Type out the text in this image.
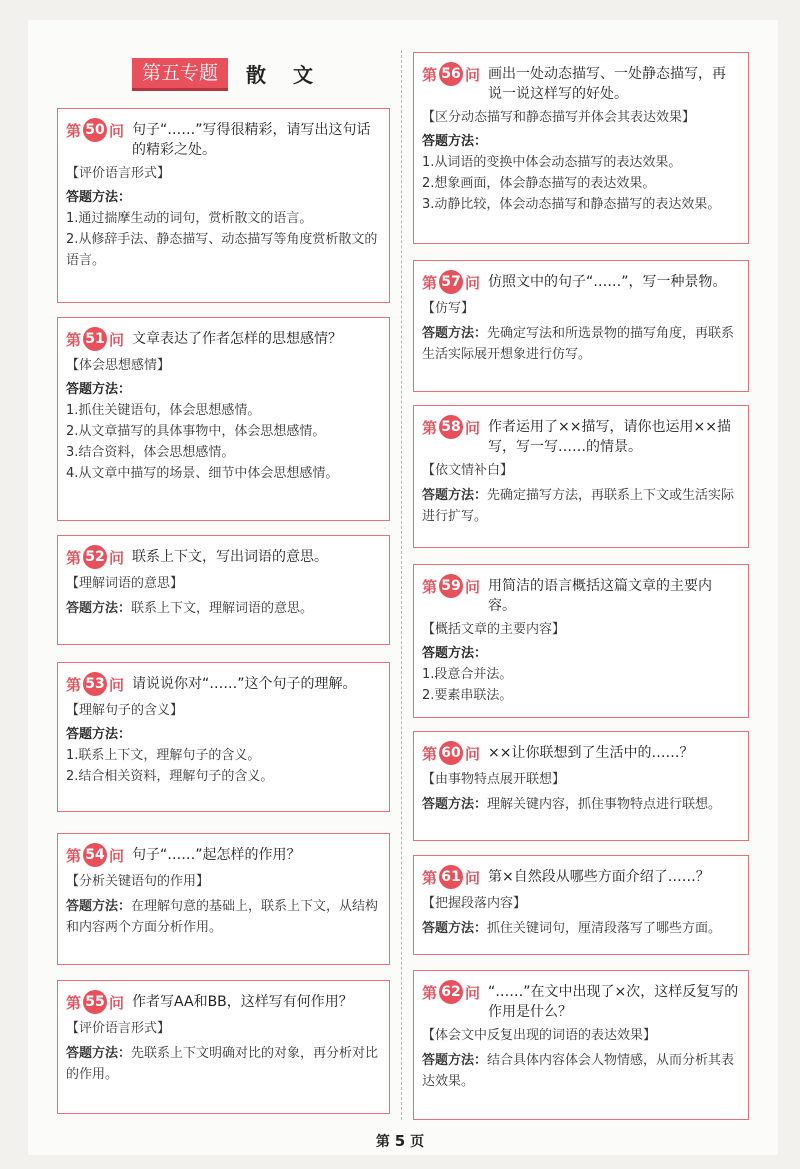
第五专题	散 文
第 50 问 句子“……”写得很精彩，请写出这句话的精彩之处。
【评价语言形式】
答题方法：
1.通过揣摩生动的词句，赏析散文的语言。
2.从修辞手法、静态描写、动态描写等角度赏析散文的语言。
第 51 问 文章表达了作者怎样的思想感情？
【体会思想感情】
答题方法：
1.抓住关键语句，体会思想感情。
2.从文章描写的具体事物中，体会思想感情。
3.结合资料，体会思想感情。
4.从文章中描写的场景、细节中体会思想感情。
第 52 问 联系上下文，写出词语的意思。
【理解词语的意思】
答题方法：联系上下文，理解词语的意思。
第 53 问 请说说你对“……”这个句子的理解。
【理解句子的含义】
答题方法：
1.联系上下文，理解句子的含义。
2.结合相关资料，理解句子的含义。
第 54 问 句子“……”起怎样的作用？
【分析关键语句的作用】
答题方法：在理解句意的基础上，联系上下文，从结构和内容两个方面分析作用。
第 55 问 作者写AA和BB，这样写有何作用？
【评价语言形式】
答题方法：先联系上下文明确对比的对象，再分析对比的作用。
第 56 问 画出一处动态描写、一处静态描写，再说一说这样写的好处。
【区分动态描写和静态描写并体会其表达效果】
答题方法：
1.从词语的变换中体会动态描写的表达效果。
2.想象画面，体会静态描写的表达效果。
3.动静比较，体会动态描写和静态描写的表达效果。
第 57 问 仿照文中的句子“……”，写一种景物。
【仿写】
答题方法：先确定写法和所选景物的描写角度，再联系生活实际展开想象进行仿写。
第 58 问 作者运用了××描写，请你也运用××描写，写一写……的情景。
【依文情补白】
答题方法：先确定描写方法，再联系上下文或生活实际进行扩写。
第 59 问 用简洁的语言概括这篇文章的主要内容。
【概括文章的主要内容】
答题方法：
1.段意合并法。
2.要素串联法。
第 60 问 ××让你联想到了生活中的……？
【由事物特点展开联想】
答题方法：理解关键内容，抓住事物特点进行联想。
第 61 问 第×自然段从哪些方面介绍了……？
【把握段落内容】
答题方法：抓住关键词句，厘清段落写了哪些方面。
第 62 问 “……”在文中出现了×次，这样反复写的作用是什么？
【体会文中反复出现的词语的表达效果】
答题方法：结合具体内容体会人物情感，从而分析其表达效果。
第 5 页
